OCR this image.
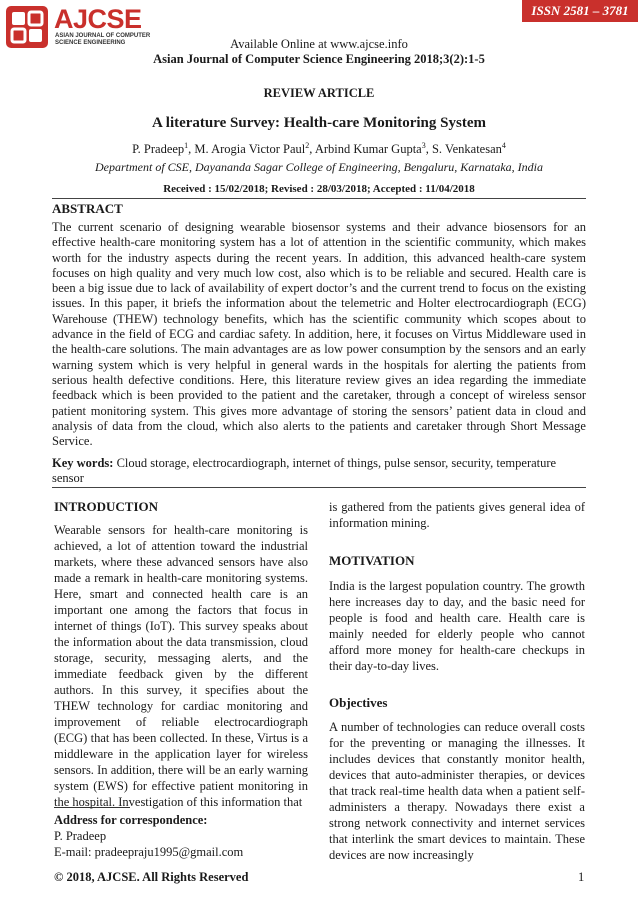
AJCSE
ASIAN JOURNAL OF COMPUTER SCIENCE ENGINEERING
ISSN 2581 – 3781
Available Online at www.ajcse.info
Asian Journal of Computer Science Engineering 2018;3(2):1-5
REVIEW ARTICLE
A literature Survey: Health-care Monitoring System
P. Pradeep$^1$, M. Arogia Victor Paul$^2$, Arbind Kumar Gupta$^3$, S. Venkatesan$^4$
Department of CSE, Dayananda Sagar College of Engineering, Bengaluru, Karnataka, India
Received : 15/02/2018; Revised : 28/03/2018; Accepted : 11/04/2018
ABSTRACT
The current scenario of designing wearable biosensor systems and their advance biosensors for an effective health-care monitoring system has a lot of attention in the scientific community, which makes worth for the industry aspects during the recent years. In addition, this advanced health-care system focuses on high quality and very much low cost, also which is to be reliable and secured. Health care is been a big issue due to lack of availability of expert doctor’s and the current trend to focus on the existing issues. In this paper, it briefs the information about the telemetric and Holter electrocardiograph (ECG) Warehouse (THEW) technology benefits, which has the scientific community which scopes about to advance in the field of ECG and cardiac safety. In addition, here, it focuses on Virtus Middleware used in the health-care solutions. The main advantages are as low power consumption by the sensors and an early warning system which is very helpful in general wards in the hospitals for alerting the patients from serious health defective conditions. Here, this literature review gives an idea regarding the immediate feedback which is been provided to the patient and the caretaker, through a concept of wireless sensor patient monitoring system. This gives more advantage of storing the sensors’ patient data in cloud and analysis of data from the cloud, which also alerts to the patients and caretaker through Short Message Service.
Key words: Cloud storage, electrocardiograph, internet of things, pulse sensor, security, temperature sensor
INTRODUCTION
Wearable sensors for health-care monitoring is achieved, a lot of attention toward the industrial markets, where these advanced sensors have also made a remark in health-care monitoring systems. Here, smart and connected health care is an important one among the factors that focus in internet of things (IoT). This survey speaks about the information about the data transmission, cloud storage, security, messaging alerts, and the immediate feedback given by the different authors. In this survey, it specifies about the THEW technology for cardiac monitoring and improvement of reliable electrocardiograph (ECG) that has been collected. In these, Virtus is a middleware in the application layer for wireless sensors. In addition, there will be an early warning system (EWS) for effective patient monitoring in the hospital. Investigation of this information that
Address for correspondence:
P. Pradeep
E-mail: pradeepraju1995@gmail.com
is gathered from the patients gives general idea of information mining.
MOTIVATION
India is the largest population country. The growth here increases day to day, and the basic need for people is food and health care. Health care is mainly needed for elderly people who cannot afford more money for health-care checkups in their day-to-day lives.
Objectives
A number of technologies can reduce overall costs for the preventing or managing the illnesses. It includes devices that constantly monitor health, devices that auto-administer therapies, or devices that track real-time health data when a patient self-administers a therapy. Nowadays there exist a strong network connectivity and internet services that interlink the smart devices to maintain. These devices are now increasingly
© 2018, AJCSE. All Rights Reserved	1
